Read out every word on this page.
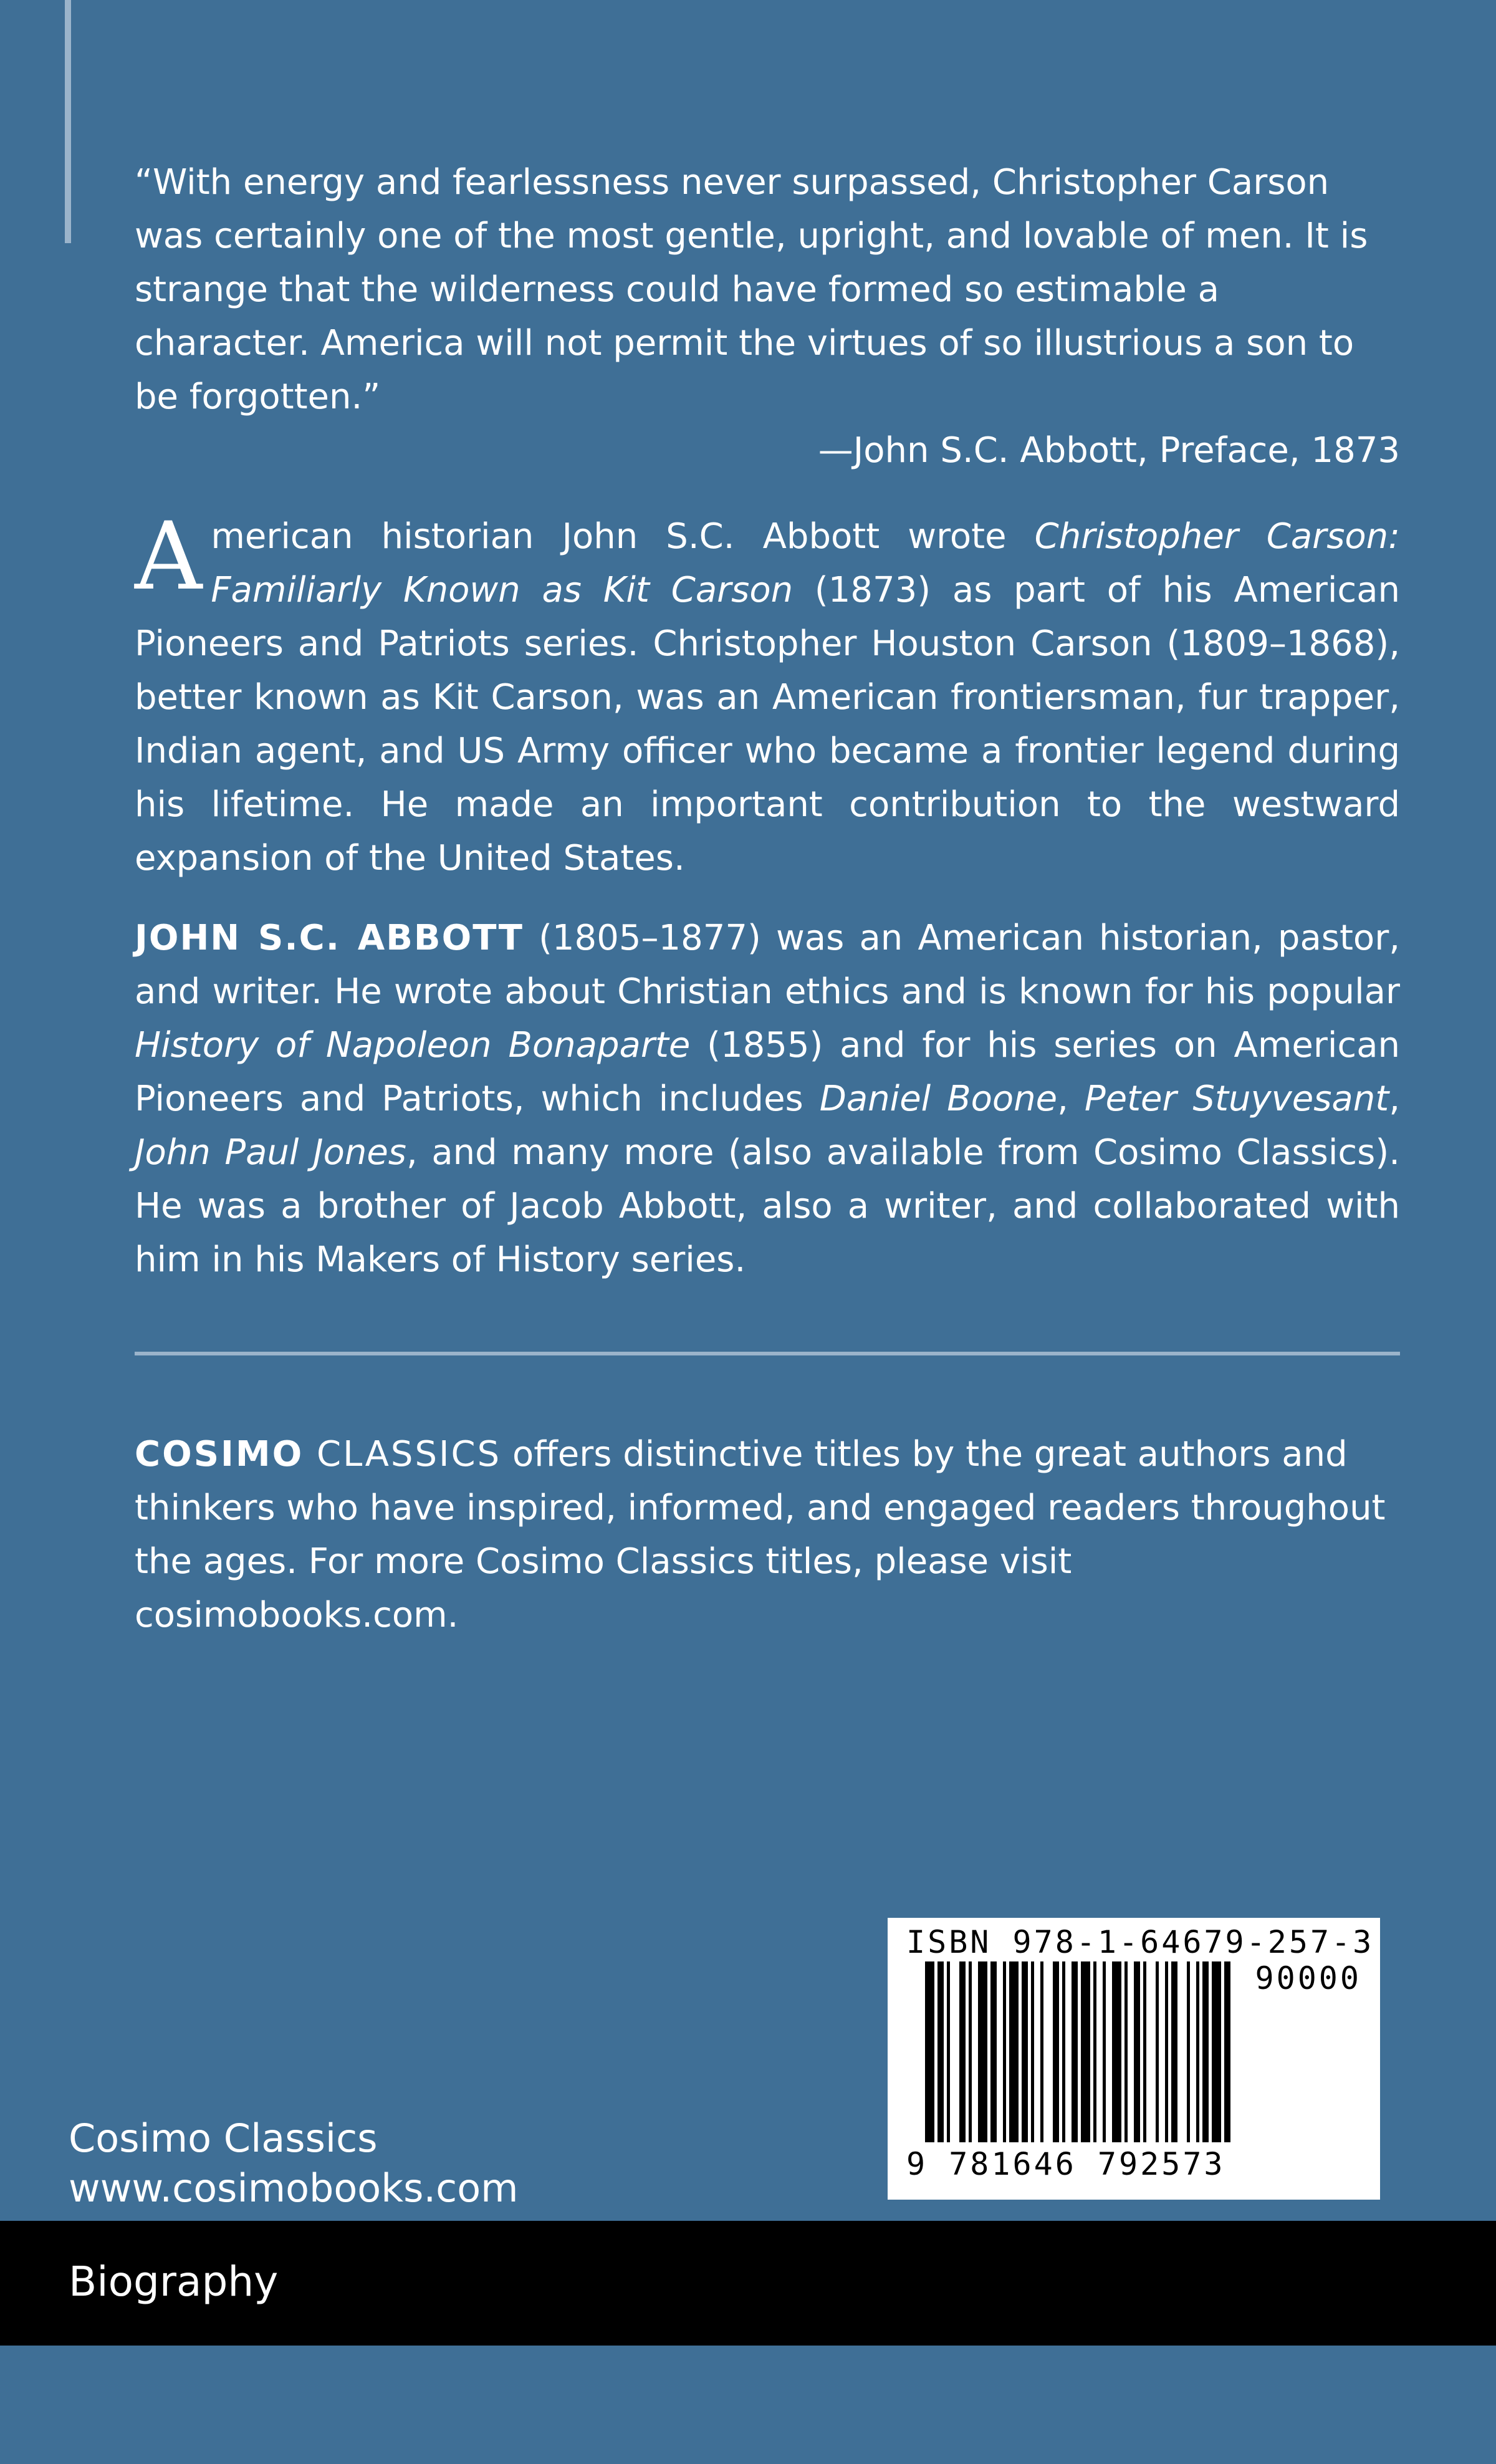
“With energy and fearlessness never surpassed, Christopher Carson was certainly one of the most gentle, upright, and lovable of men. It is strange that the wilderness could have formed so estimable a character. America will not permit the virtues of so illustrious a son to be forgotten.”
—John S.C. Abbott, Preface, 1873
American historian John S.C. Abbott wrote Christopher Carson: Familiarly Known as Kit Carson (1873) as part of his American Pioneers and Patriots series. Christopher Houston Carson (1809–1868), better known as Kit Carson, was an American frontiersman, fur trapper, Indian agent, and US Army officer who became a frontier legend during his lifetime. He made an important contribution to the westward expansion of the United States.
JOHN S.C. ABBOTT (1805–1877) was an American historian, pastor, and writer. He wrote about Christian ethics and is known for his popular History of Napoleon Bonaparte (1855) and for his series on American Pioneers and Patriots, which includes Daniel Boone, Peter Stuyvesant, John Paul Jones, and many more (also available from Cosimo Classics). He was a brother of Jacob Abbott, also a writer, and collaborated with him in his Makers of History series.
COSIMO CLASSICS offers distinctive titles by the great authors and thinkers who have inspired, informed, and engaged readers throughout the ages. For more Cosimo Classics titles, please visit cosimobooks.com.
Cosimo Classics
www.cosimobooks.com
ISBN 978-1-64679-257-3
90000
9 781646 792573
Biography
